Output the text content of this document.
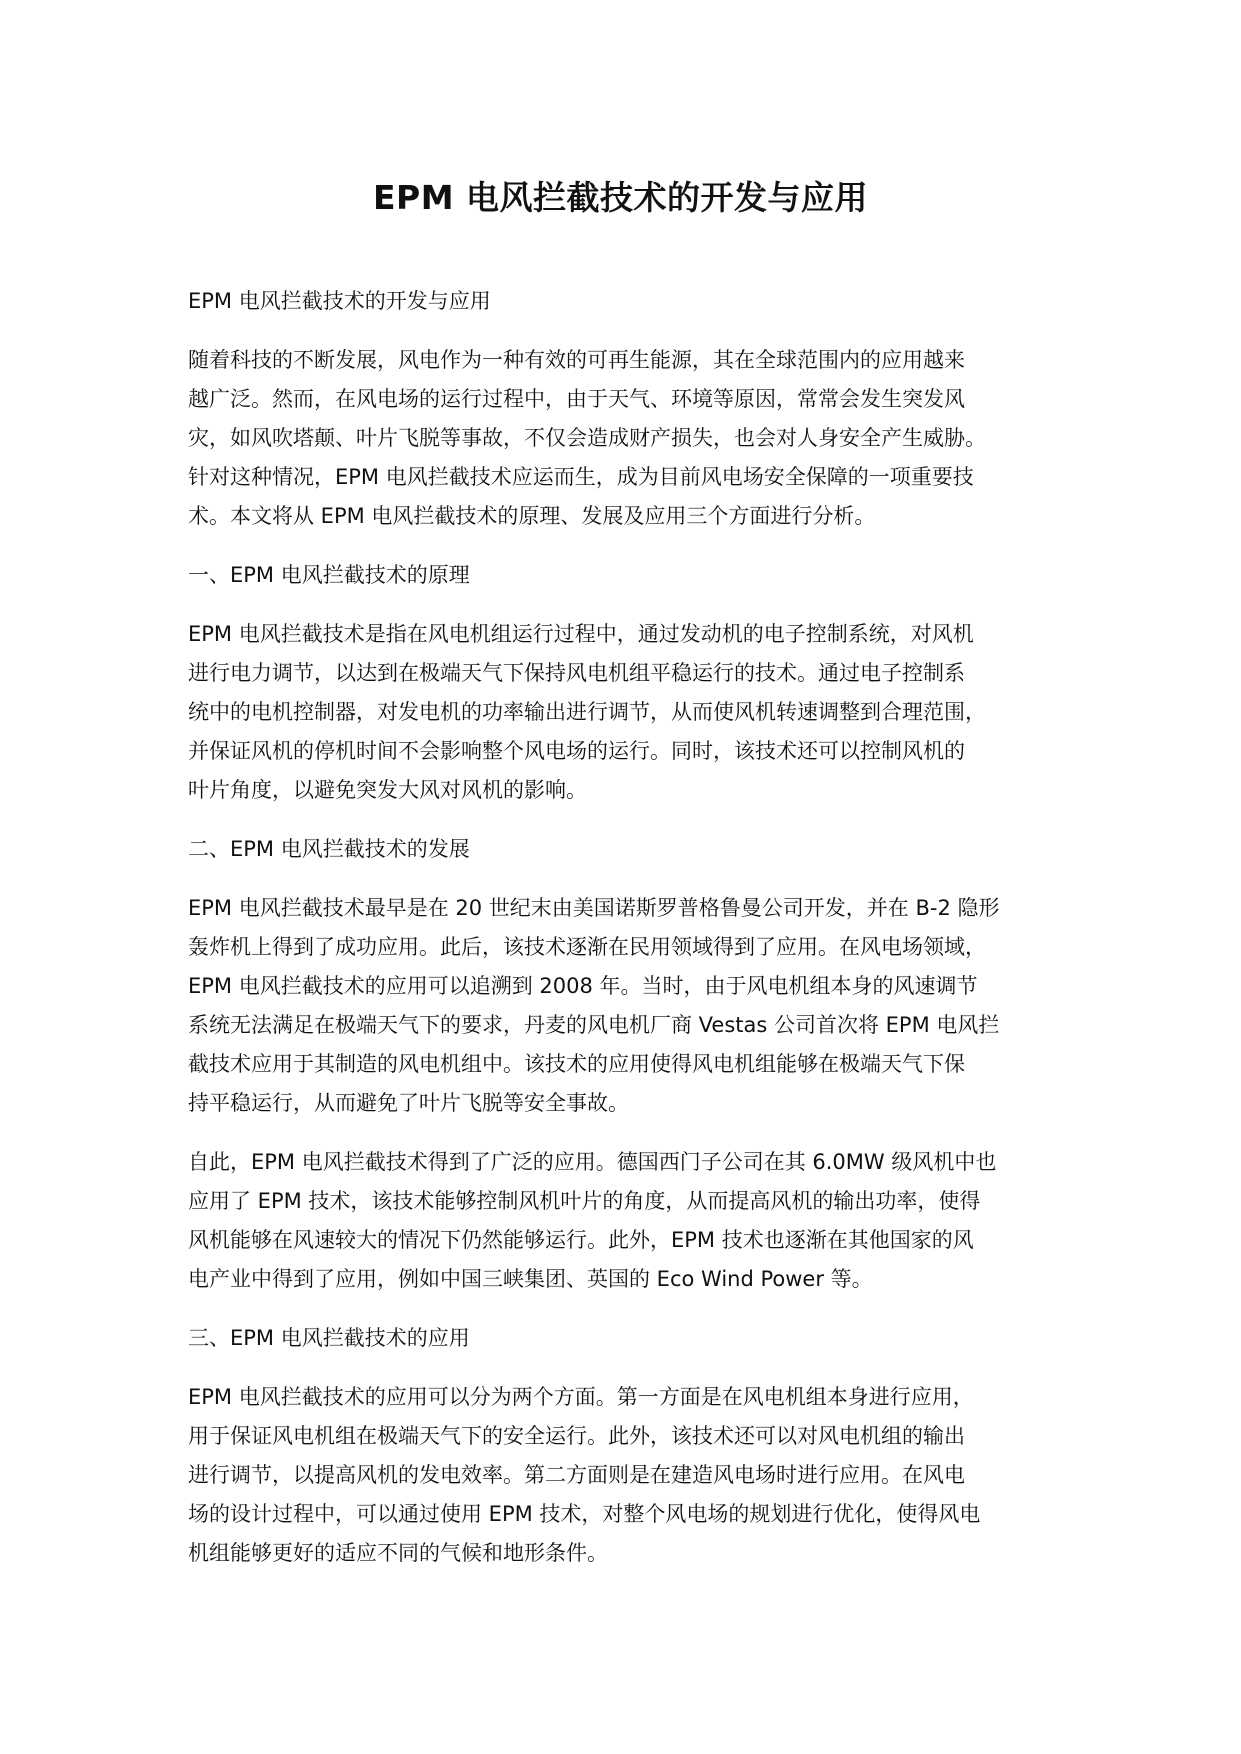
EPM 电风拦截技术的开发与应用

EPM 电风拦截技术的开发与应用

随着科技的不断发展，风电作为一种有效的可再生能源，其在全球范围内的应用越来
越广泛。然而，在风电场的运行过程中，由于天气、环境等原因，常常会发生突发风
灾，如风吹塔颠、叶片飞脱等事故，不仅会造成财产损失，也会对人身安全产生威胁。
针对这种情况，EPM 电风拦截技术应运而生，成为目前风电场安全保障的一项重要技
术。本文将从 EPM 电风拦截技术的原理、发展及应用三个方面进行分析。

一、EPM 电风拦截技术的原理

EPM 电风拦截技术是指在风电机组运行过程中，通过发动机的电子控制系统，对风机
进行电力调节，以达到在极端天气下保持风电机组平稳运行的技术。通过电子控制系
统中的电机控制器，对发电机的功率输出进行调节，从而使风机转速调整到合理范围，
并保证风机的停机时间不会影响整个风电场的运行。同时，该技术还可以控制风机的
叶片角度，以避免突发大风对风机的影响。

二、EPM 电风拦截技术的发展

EPM 电风拦截技术最早是在 20 世纪末由美国诺斯罗普格鲁曼公司开发，并在 B-2 隐形
轰炸机上得到了成功应用。此后，该技术逐渐在民用领域得到了应用。在风电场领域，
EPM 电风拦截技术的应用可以追溯到 2008 年。当时，由于风电机组本身的风速调节
系统无法满足在极端天气下的要求，丹麦的风电机厂商 Vestas 公司首次将 EPM 电风拦
截技术应用于其制造的风电机组中。该技术的应用使得风电机组能够在极端天气下保
持平稳运行，从而避免了叶片飞脱等安全事故。

自此，EPM 电风拦截技术得到了广泛的应用。德国西门子公司在其 6.0MW 级风机中也
应用了 EPM 技术，该技术能够控制风机叶片的角度，从而提高风机的输出功率，使得
风机能够在风速较大的情况下仍然能够运行。此外，EPM 技术也逐渐在其他国家的风
电产业中得到了应用，例如中国三峡集团、英国的 Eco Wind Power 等。

三、EPM 电风拦截技术的应用

EPM 电风拦截技术的应用可以分为两个方面。第一方面是在风电机组本身进行应用，
用于保证风电机组在极端天气下的安全运行。此外，该技术还可以对风电机组的输出
进行调节，以提高风机的发电效率。第二方面则是在建造风电场时进行应用。在风电
场的设计过程中，可以通过使用 EPM 技术，对整个风电场的规划进行优化，使得风电
机组能够更好的适应不同的气候和地形条件。
